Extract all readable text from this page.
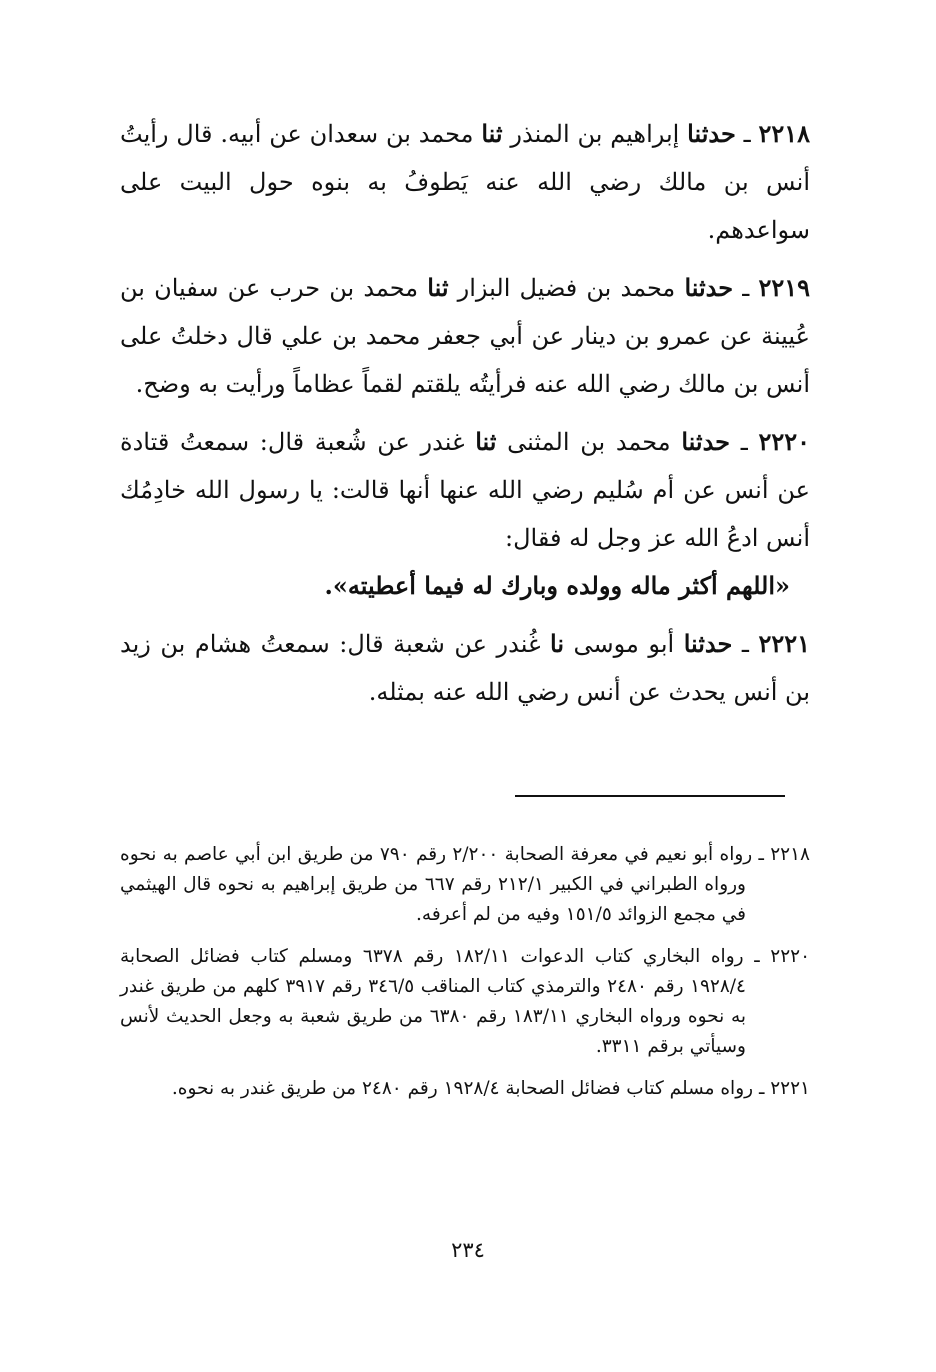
٢٢١٨ ـ حدثنا إبراهيم بن المنذر ثنا محمد بن سعدان عن أبيه. قال رأيتُ أنس بن مالك رضي الله عنه يَطوفُ به بنوه حول البيت على سواعدهم.

٢٢١٩ ـ حدثنا محمد بن فضيل البزار ثنا محمد بن حرب عن سفيان بن عُيينة عن عمرو بن دينار عن أبي جعفر محمد بن علي قال دخلتُ على أنس بن مالك رضي الله عنه فرأيتُه يلقتم لقماً عظاماً ورأيت به وضح.

٢٢٢٠ ـ حدثنا محمد بن المثنى ثنا غندر عن شُعبة قال: سمعتُ قتادة عن أنس عن أم سُليم رضي الله عنها أنها قالت: يا رسول الله خادِمُك أنس ادعُ الله عز وجل له فقال:
«اللهم أكثر ماله وولده وبارك له فيما أعطيته».

٢٢٢١ ـ حدثنا أبو موسى نا غُندر عن شعبة قال: سمعتُ هشام بن زيد بن أنس يحدث عن أنس رضي الله عنه بمثله.

٢٢١٨ ـ رواه أبو نعيم في معرفة الصحابة ٢/٢٠٠ رقم ٧٩٠ من طريق ابن أبي عاصم به نحوه ورواه الطبراني في الكبير ٢١٢/١ رقم ٦٦٧ من طريق إبراهيم به نحوه قال الهيثمي في مجمع الزوائد ١٥١/٥ وفيه من لم أعرفه.

٢٢٢٠ ـ رواه البخاري كتاب الدعوات ١٨٢/١١ رقم ٦٣٧٨ ومسلم كتاب فضائل الصحابة ١٩٢٨/٤ رقم ٢٤٨٠ والترمذي كتاب المناقب ٣٤٦/٥ رقم ٣٩١٧ كلهم من طريق غندر به نحوه ورواه البخاري ١٨٣/١١ رقم ٦٣٨٠ من طريق شعبة به وجعل الحديث لأنس وسيأتي برقم ٣٣١١.

٢٢٢١ ـ رواه مسلم كتاب فضائل الصحابة ١٩٢٨/٤ رقم ٢٤٨٠ من طريق غندر به نحوه.

٢٣٤
